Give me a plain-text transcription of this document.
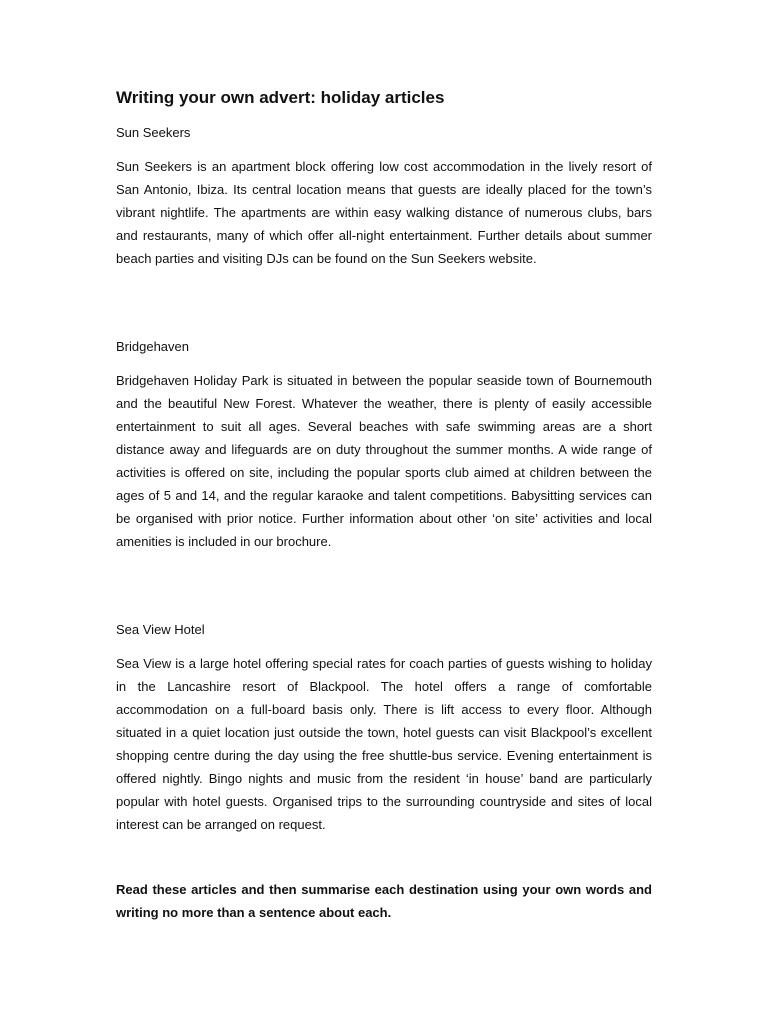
Writing your own advert: holiday articles
Sun Seekers

Sun Seekers is an apartment block offering low cost accommodation in the lively resort of San Antonio, Ibiza. Its central location means that guests are ideally placed for the town’s vibrant nightlife. The apartments are within easy walking distance of numerous clubs, bars and restaurants, many of which offer all-night entertainment. Further details about summer beach parties and visiting DJs can be found on the Sun Seekers website.

Bridgehaven

Bridgehaven Holiday Park is situated in between the popular seaside town of Bournemouth and the beautiful New Forest. Whatever the weather, there is plenty of easily accessible entertainment to suit all ages. Several beaches with safe swimming areas are a short distance away and lifeguards are on duty throughout the summer months. A wide range of activities is offered on site, including the popular sports club aimed at children between the ages of 5 and 14, and the regular karaoke and talent competitions. Babysitting services can be organised with prior notice. Further information about other ‘on site’ activities and local amenities is included in our brochure.

Sea View Hotel

Sea View is a large hotel offering special rates for coach parties of guests wishing to holiday in the Lancashire resort of Blackpool. The hotel offers a range of comfortable accommodation on a full-board basis only. There is lift access to every floor. Although situated in a quiet location just outside the town, hotel guests can visit Blackpool’s excellent shopping centre during the day using the free shuttle-bus service. Evening entertainment is offered nightly. Bingo nights and music from the resident ‘in house’ band are particularly popular with hotel guests. Organised trips to the surrounding countryside and sites of local interest can be arranged on request.

Read these articles and then summarise each destination using your own words and writing no more than a sentence about each.
